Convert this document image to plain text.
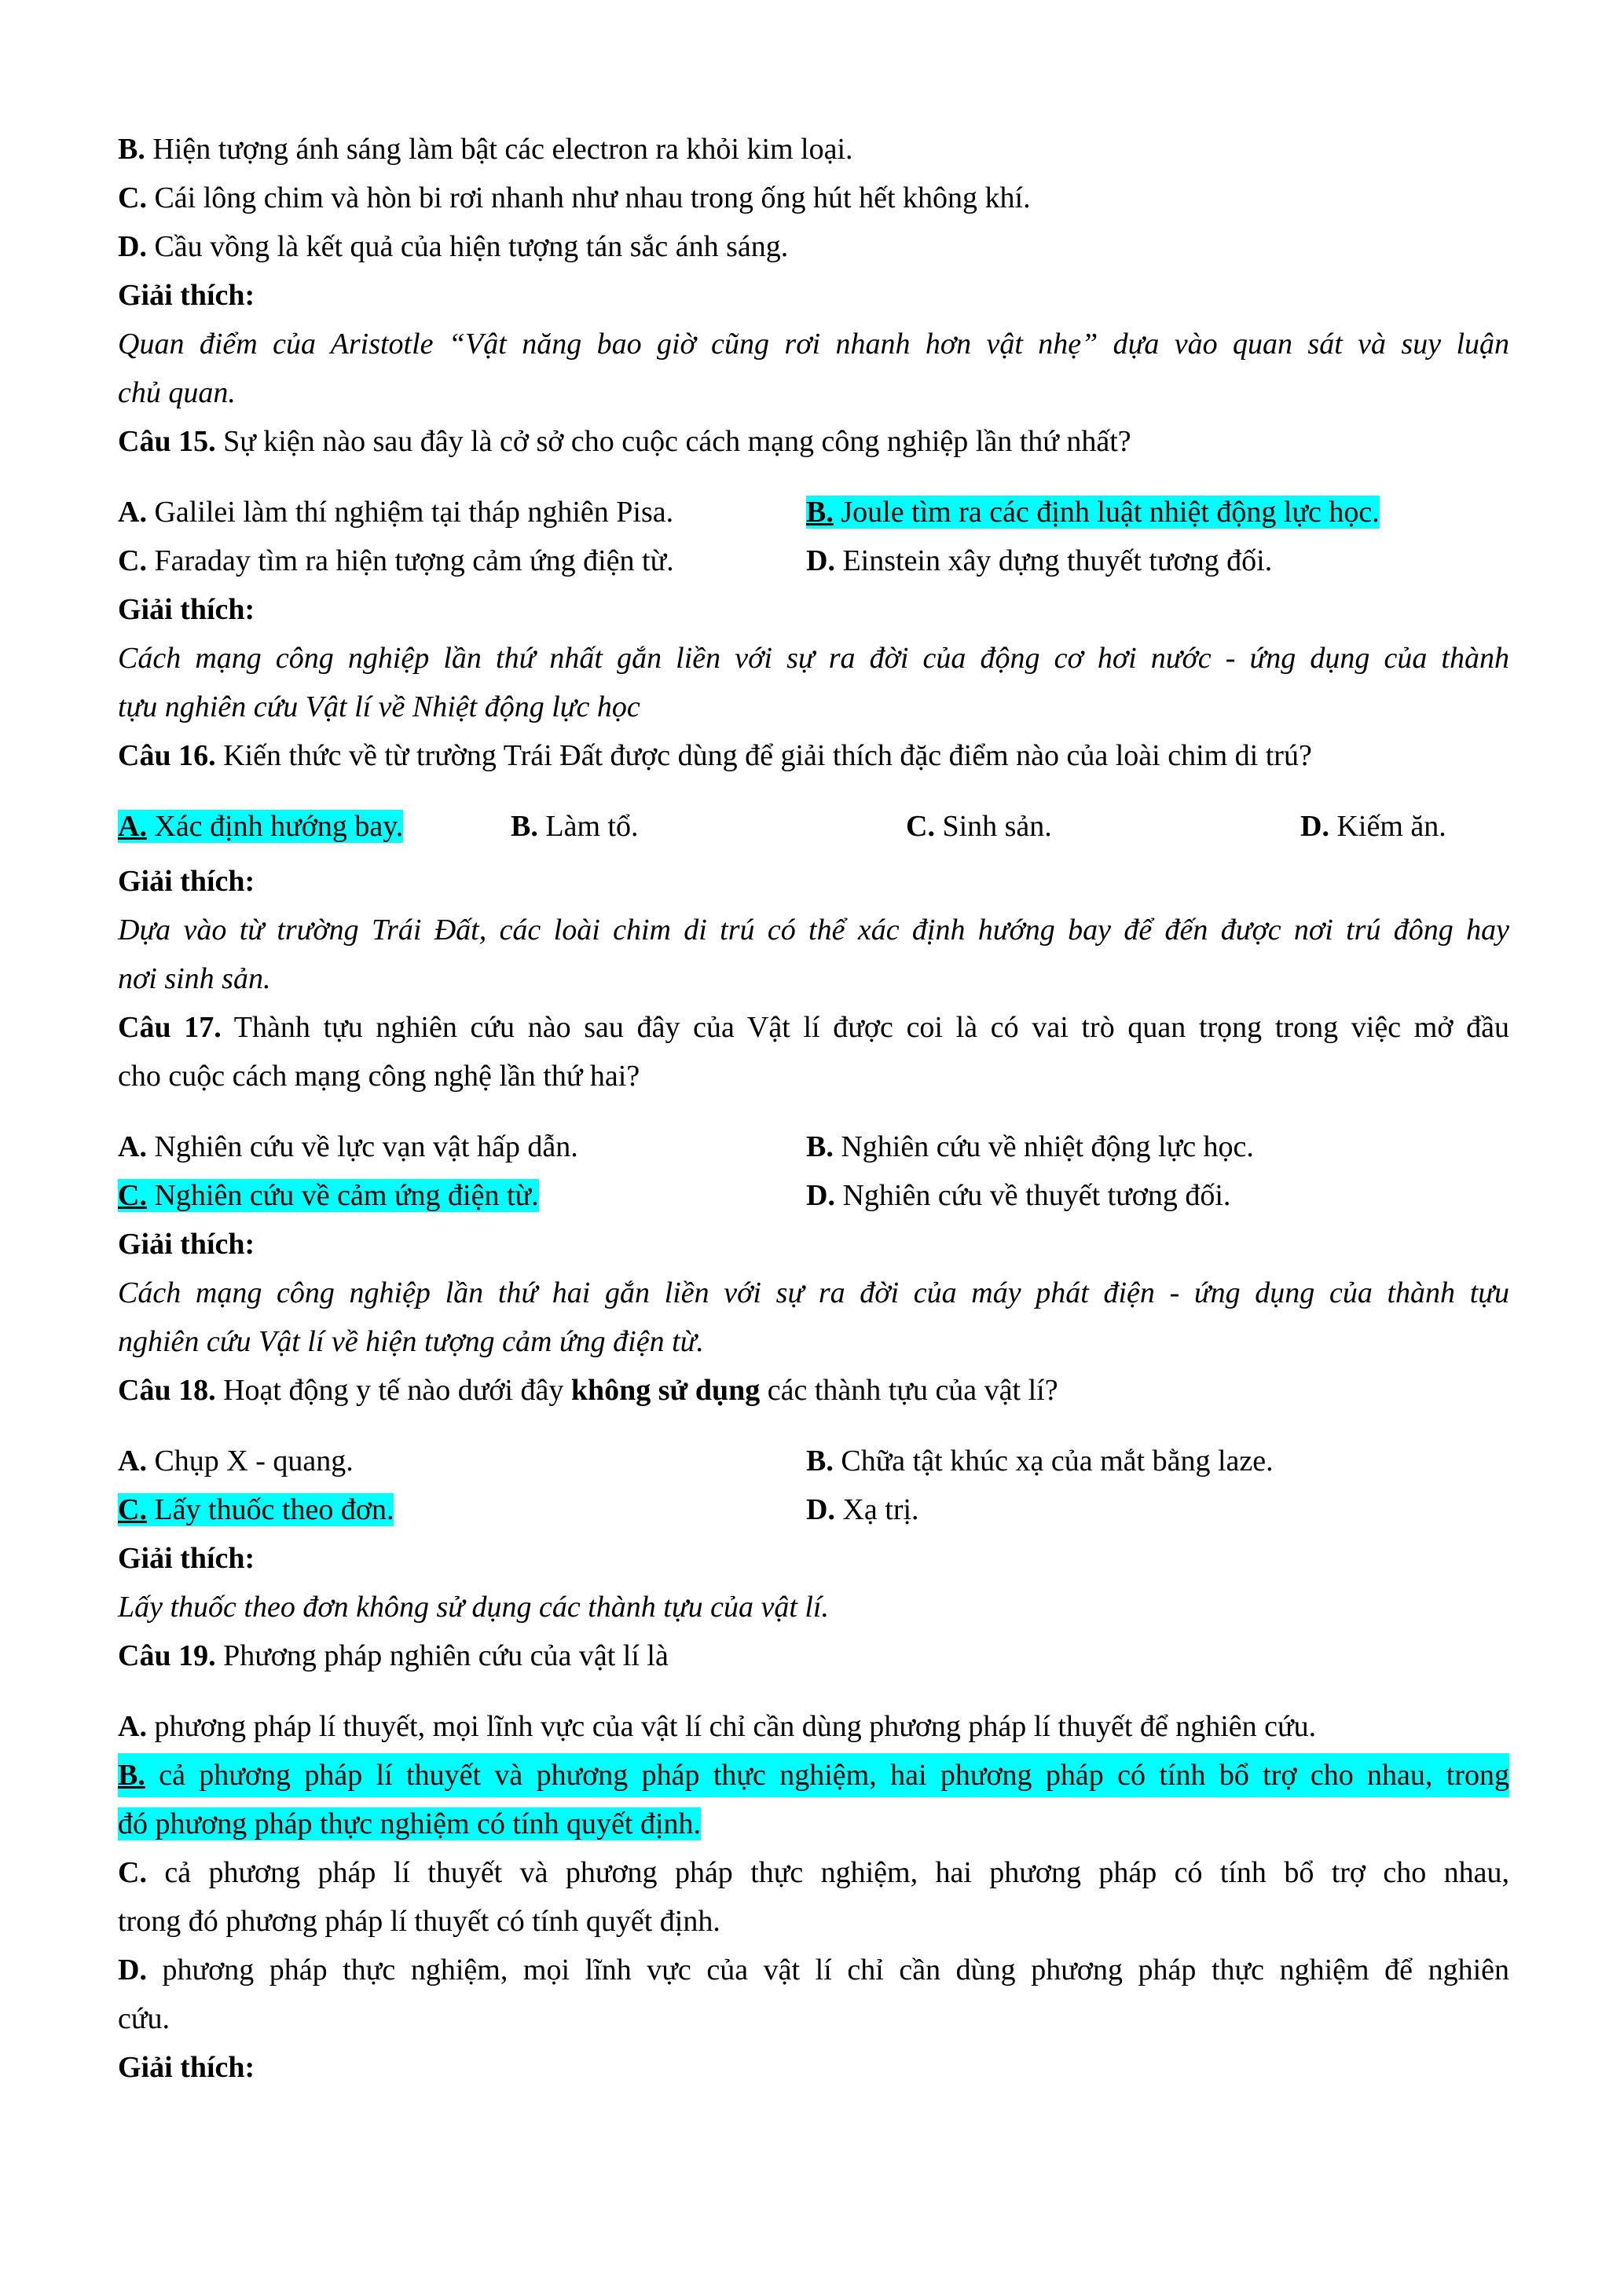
B. Hiện tượng ánh sáng làm bật các electron ra khỏi kim loại.
C. Cái lông chim và hòn bi rơi nhanh như nhau trong ống hút hết không khí.
D. Cầu vồng là kết quả của hiện tượng tán sắc ánh sáng.
Giải thích:
Quan điểm của Aristotle “Vật năng bao giờ cũng rơi nhanh hơn vật nhẹ” dựa vào quan sát và suy luận
chủ quan.
Câu 15. Sự kiện nào sau đây là cở sở cho cuộc cách mạng công nghiệp lần thứ nhất?
A. Galilei làm thí nghiệm tại tháp nghiên Pisa.	B. Joule tìm ra các định luật nhiệt động lực học.
C. Faraday tìm ra hiện tượng cảm ứng điện từ.	D. Einstein xây dựng thuyết tương đối.
Giải thích:
Cách mạng công nghiệp lần thứ nhất gắn liền với sự ra đời của động cơ hơi nước - ứng dụng của thành
tựu nghiên cứu Vật lí về Nhiệt động lực học
Câu 16. Kiến thức về từ trường Trái Đất được dùng để giải thích đặc điểm nào của loài chim di trú?
A. Xác định hướng bay.	B. Làm tổ.	C. Sinh sản.	D. Kiếm ăn.
Giải thích:
Dựa vào từ trường Trái Đất, các loài chim di trú có thể xác định hướng bay để đến được nơi trú đông hay
nơi sinh sản.
Câu 17. Thành tựu nghiên cứu nào sau đây của Vật lí được coi là có vai trò quan trọng trong việc mở đầu
cho cuộc cách mạng công nghệ lần thứ hai?
A. Nghiên cứu về lực vạn vật hấp dẫn.	B. Nghiên cứu về nhiệt động lực học.
C. Nghiên cứu về cảm ứng điện từ.	D. Nghiên cứu về thuyết tương đối.
Giải thích:
Cách mạng công nghiệp lần thứ hai gắn liền với sự ra đời của máy phát điện - ứng dụng của thành tựu
nghiên cứu Vật lí về hiện tượng cảm ứng điện từ.
Câu 18. Hoạt động y tế nào dưới đây không sử dụng các thành tựu của vật lí?
A. Chụp X - quang.	B. Chữa tật khúc xạ của mắt bằng laze.
C. Lấy thuốc theo đơn.	D. Xạ trị.
Giải thích:
Lấy thuốc theo đơn không sử dụng các thành tựu của vật lí.
Câu 19. Phương pháp nghiên cứu của vật lí là
A. phương pháp lí thuyết, mọi lĩnh vực của vật lí chỉ cần dùng phương pháp lí thuyết để nghiên cứu.
B. cả phương pháp lí thuyết và phương pháp thực nghiệm, hai phương pháp có tính bổ trợ cho nhau, trong
đó phương pháp thực nghiệm có tính quyết định.
C. cả phương pháp lí thuyết và phương pháp thực nghiệm, hai phương pháp có tính bổ trợ cho nhau,
trong đó phương pháp lí thuyết có tính quyết định.
D. phương pháp thực nghiệm, mọi lĩnh vực của vật lí chỉ cần dùng phương pháp thực nghiệm để nghiên
cứu.
Giải thích:
